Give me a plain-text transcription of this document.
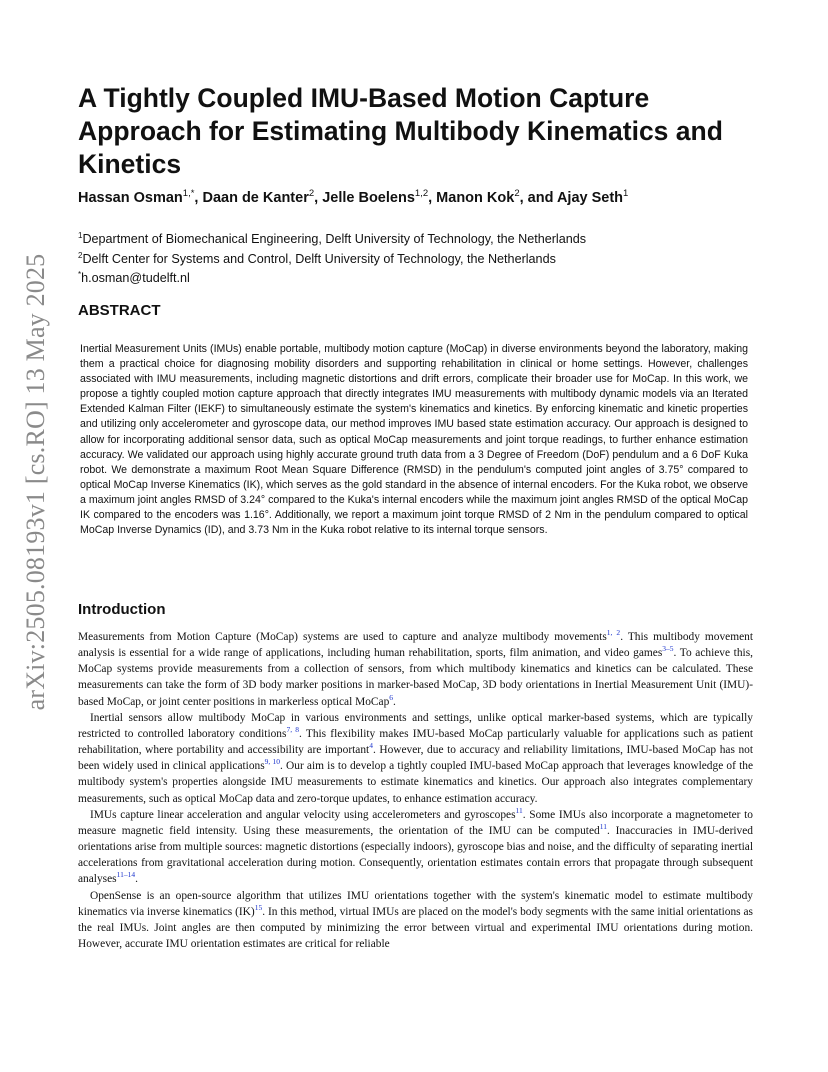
arXiv:2505.08193v1 [cs.RO] 13 May 2025
A Tightly Coupled IMU-Based Motion Capture Approach for Estimating Multibody Kinematics and Kinetics
Hassan Osman$^{1,*}$, Daan de Kanter$^2$, Jelle Boelens$^{1,2}$, Manon Kok$^2$, and Ajay Seth$^1$
$^1$Department of Biomechanical Engineering, Delft University of Technology, the Netherlands
$^2$Delft Center for Systems and Control, Delft University of Technology, the Netherlands
*h.osman@tudelft.nl
ABSTRACT

Inertial Measurement Units (IMUs) enable portable, multibody motion capture (MoCap) in diverse environments beyond the laboratory, making them a practical choice for diagnosing mobility disorders and supporting rehabilitation in clinical or home settings. However, challenges associated with IMU measurements, including magnetic distortions and drift errors, complicate their broader use for MoCap. In this work, we propose a tightly coupled motion capture approach that directly integrates IMU measurements with multibody dynamic models via an Iterated Extended Kalman Filter (IEKF) to simultaneously estimate the system's kinematics and kinetics. By enforcing kinematic and kinetic properties and utilizing only accelerometer and gyroscope data, our method improves IMU based state estimation accuracy. Our approach is designed to allow for incorporating additional sensor data, such as optical MoCap measurements and joint torque readings, to further enhance estimation accuracy. We validated our approach using highly accurate ground truth data from a 3 Degree of Freedom (DoF) pendulum and a 6 DoF Kuka robot. We demonstrate a maximum Root Mean Square Difference (RMSD) in the pendulum's computed joint angles of 3.75° compared to optical MoCap Inverse Kinematics (IK), which serves as the gold standard in the absence of internal encoders. For the Kuka robot, we observe a maximum joint angles RMSD of 3.24° compared to the Kuka's internal encoders while the maximum joint angles RMSD of the optical MoCap IK compared to the encoders was 1.16°. Additionally, we report a maximum joint torque RMSD of 2 Nm in the pendulum compared to optical MoCap Inverse Dynamics (ID), and 3.73 Nm in the Kuka robot relative to its internal torque sensors.

Introduction

Measurements from Motion Capture (MoCap) systems are used to capture and analyze multibody movements$^{1, 2}$. This multibody movement analysis is essential for a wide range of applications, including human rehabilitation, sports, film animation, and video games$^{3-5}$. To achieve this, MoCap systems provide measurements from a collection of sensors, from which multibody kinematics and kinetics can be calculated. These measurements can take the form of 3D body marker positions in marker-based MoCap, 3D body orientations in Inertial Measurement Unit (IMU)-based MoCap, or joint center positions in markerless optical MoCap$^6$.

Inertial sensors allow multibody MoCap in various environments and settings, unlike optical marker-based systems, which are typically restricted to controlled laboratory conditions$^{7, 8}$. This flexibility makes IMU-based MoCap particularly valuable for applications such as patient rehabilitation, where portability and accessibility are important$^4$. However, due to accuracy and reliability limitations, IMU-based MoCap has not been widely used in clinical applications$^{9, 10}$. Our aim is to develop a tightly coupled IMU-based MoCap approach that leverages knowledge of the multibody system's properties alongside IMU measurements to estimate kinematics and kinetics. Our approach also integrates complementary measurements, such as optical MoCap data and zero-torque updates, to enhance estimation accuracy.

IMUs capture linear acceleration and angular velocity using accelerometers and gyroscopes$^{11}$. Some IMUs also incorporate a magnetometer to measure magnetic field intensity. Using these measurements, the orientation of the IMU can be computed$^{11}$. Inaccuracies in IMU-derived orientations arise from multiple sources: magnetic distortions (especially indoors), gyroscope bias and noise, and the difficulty of separating inertial accelerations from gravitational acceleration during motion. Consequently, orientation estimates contain errors that propagate through subsequent analyses$^{11-14}$.

OpenSense is an open-source algorithm that utilizes IMU orientations together with the system's kinematic model to estimate multibody kinematics via inverse kinematics (IK)$^{15}$. In this method, virtual IMUs are placed on the model's body segments with the same initial orientations as the real IMUs. Joint angles are then computed by minimizing the error between virtual and experimental IMU orientations during motion. However, accurate IMU orientation estimates are critical for reliable
